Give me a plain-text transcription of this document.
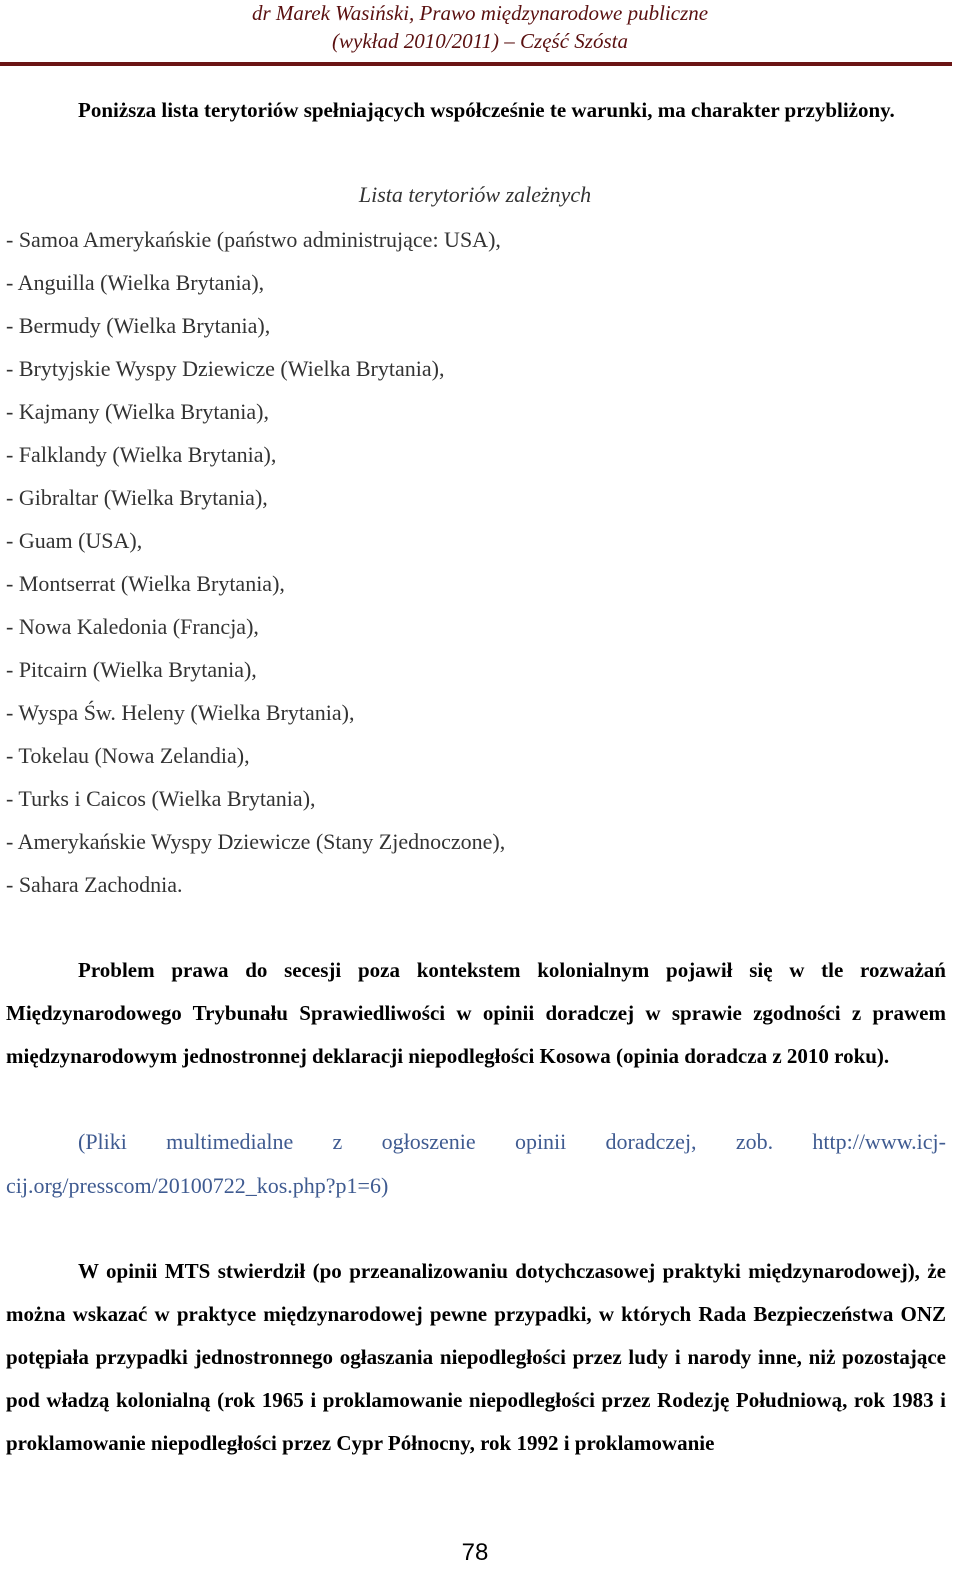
dr Marek Wasiński, Prawo międzynarodowe publiczne
(wykład 2010/2011) – Część Szósta

Poniższa lista terytoriów spełniających współcześnie te warunki, ma charakter przybliżony.

Lista terytoriów zależnych
- Samoa Amerykańskie (państwo administrujące: USA),
- Anguilla (Wielka Brytania),
- Bermudy (Wielka Brytania),
- Brytyjskie Wyspy Dziewicze (Wielka Brytania),
- Kajmany (Wielka Brytania),
- Falklandy (Wielka Brytania),
- Gibraltar (Wielka Brytania),
- Guam (USA),
- Montserrat (Wielka Brytania),
- Nowa Kaledonia (Francja),
- Pitcairn (Wielka Brytania),
- Wyspa Św. Heleny (Wielka Brytania),
- Tokelau (Nowa Zelandia),
- Turks i Caicos (Wielka Brytania),
- Amerykańskie Wyspy Dziewicze (Stany Zjednoczone),
- Sahara Zachodnia.

Problem prawa do secesji poza kontekstem kolonialnym pojawił się w tle rozważań Międzynarodowego Trybunału Sprawiedliwości w opinii doradczej w sprawie zgodności z prawem międzynarodowym jednostronnej deklaracji niepodległości Kosowa (opinia doradcza z 2010 roku).

(Pliki multimedialne z ogłoszenie opinii doradczej, zob. http://www.icj-cij.org/presscom/20100722_kos.php?p1=6)

W opinii MTS stwierdził (po przeanalizowaniu dotychczasowej praktyki międzynarodowej), że można wskazać w praktyce międzynarodowej pewne przypadki, w których Rada Bezpieczeństwa ONZ potępiała przypadki jednostronnego ogłaszania niepodległości przez ludy i narody inne, niż pozostające pod władzą kolonialną (rok 1965 i proklamowanie niepodległości przez Rodezję Południową, rok 1983 i proklamowanie niepodległości przez Cypr Północny, rok 1992 i proklamowanie

78
